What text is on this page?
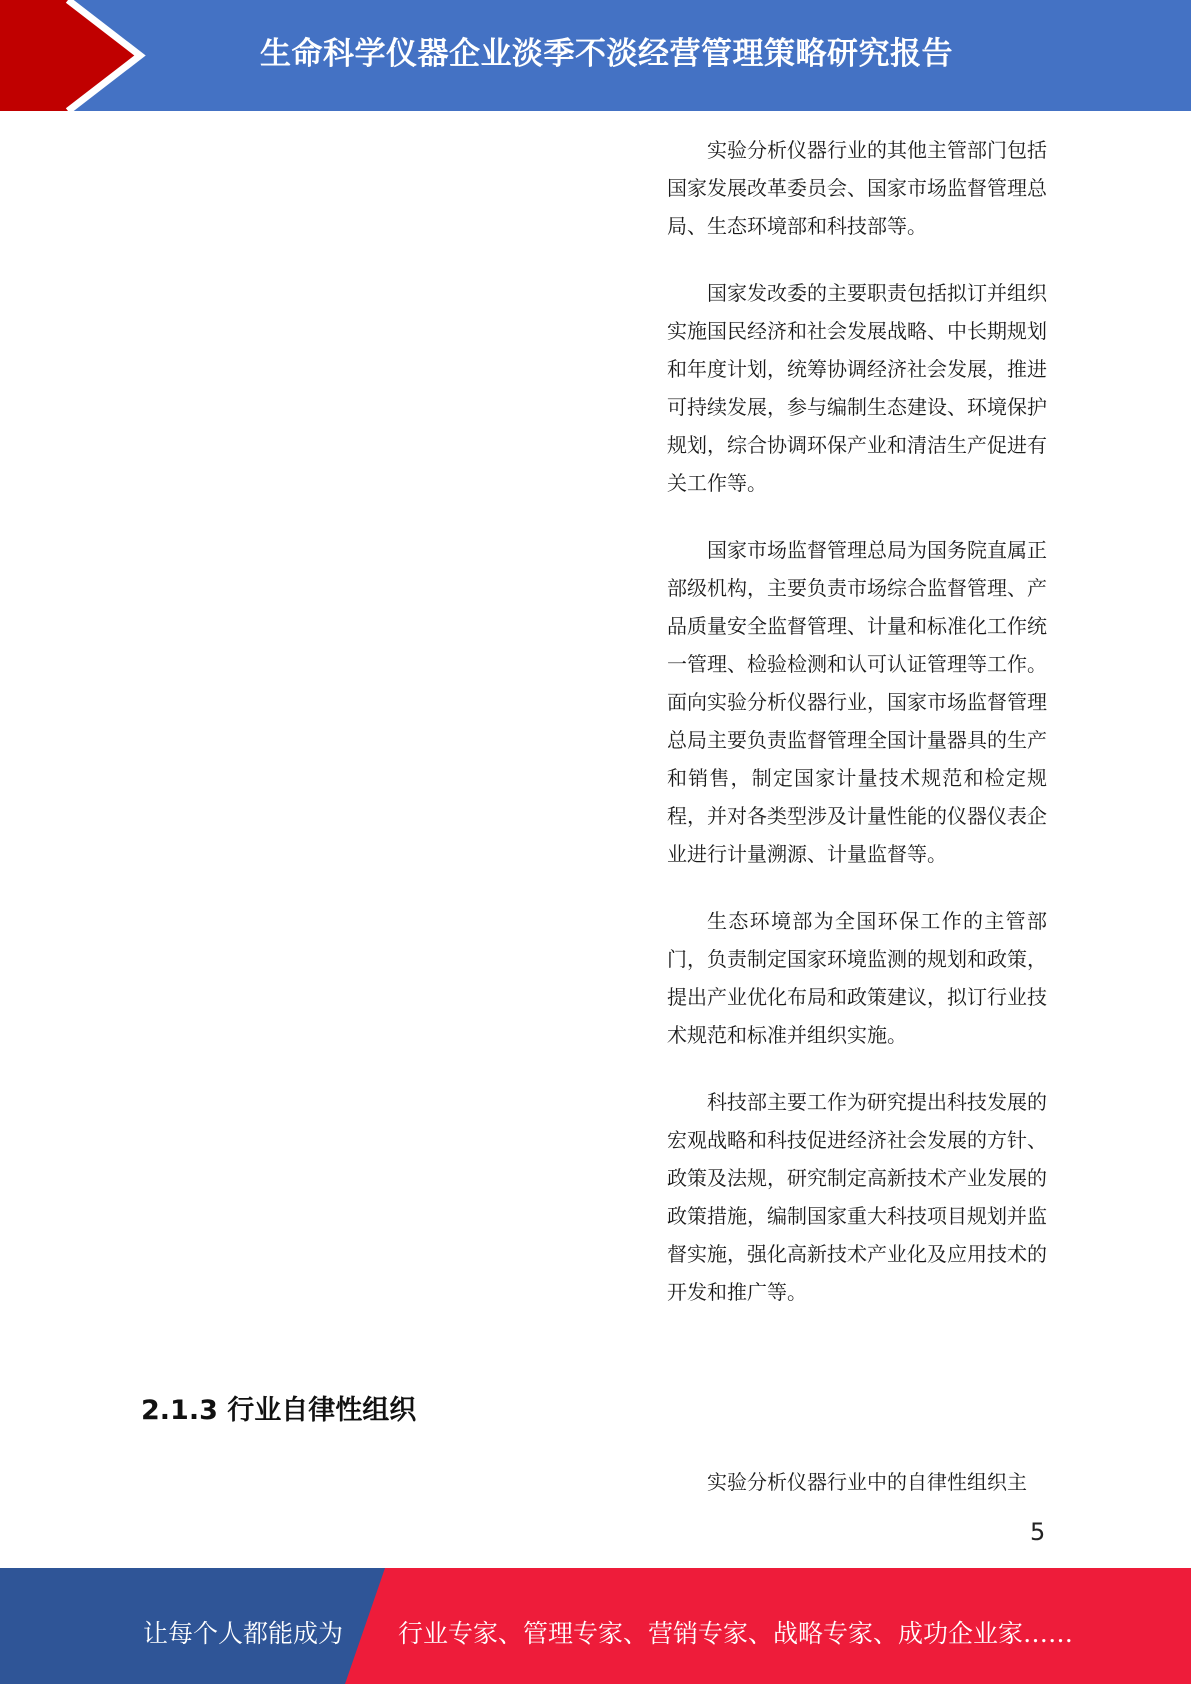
生命科学仪器企业淡季不淡经营管理策略研究报告

实验分析仪器行业的其他主管部门包括国家发展改革委员会、国家市场监督管理总局、生态环境部和科技部等。

国家发改委的主要职责包括拟订并组织实施国民经济和社会发展战略、中长期规划和年度计划，统筹协调经济社会发展，推进可持续发展，参与编制生态建设、环境保护规划，综合协调环保产业和清洁生产促进有关工作等。

国家市场监督管理总局为国务院直属正部级机构，主要负责市场综合监督管理、产品质量安全监督管理、计量和标准化工作统一管理、检验检测和认可认证管理等工作。面向实验分析仪器行业，国家市场监督管理总局主要负责监督管理全国计量器具的生产和销售，制定国家计量技术规范和检定规程，并对各类型涉及计量性能的仪器仪表企业进行计量溯源、计量监督等。

生态环境部为全国环保工作的主管部门，负责制定国家环境监测的规划和政策，提出产业优化布局和政策建议，拟订行业技术规范和标准并组织实施。

科技部主要工作为研究提出科技发展的宏观战略和科技促进经济社会发展的方针、政策及法规，研究制定高新技术产业发展的政策措施，编制国家重大科技项目规划并监督实施，强化高新技术产业化及应用技术的开发和推广等。

2.1.3 行业自律性组织
实验分析仪器行业中的自律性组织主
5
让每个人都能成为 行业专家、管理专家、营销专家、战略专家、成功企业家……
